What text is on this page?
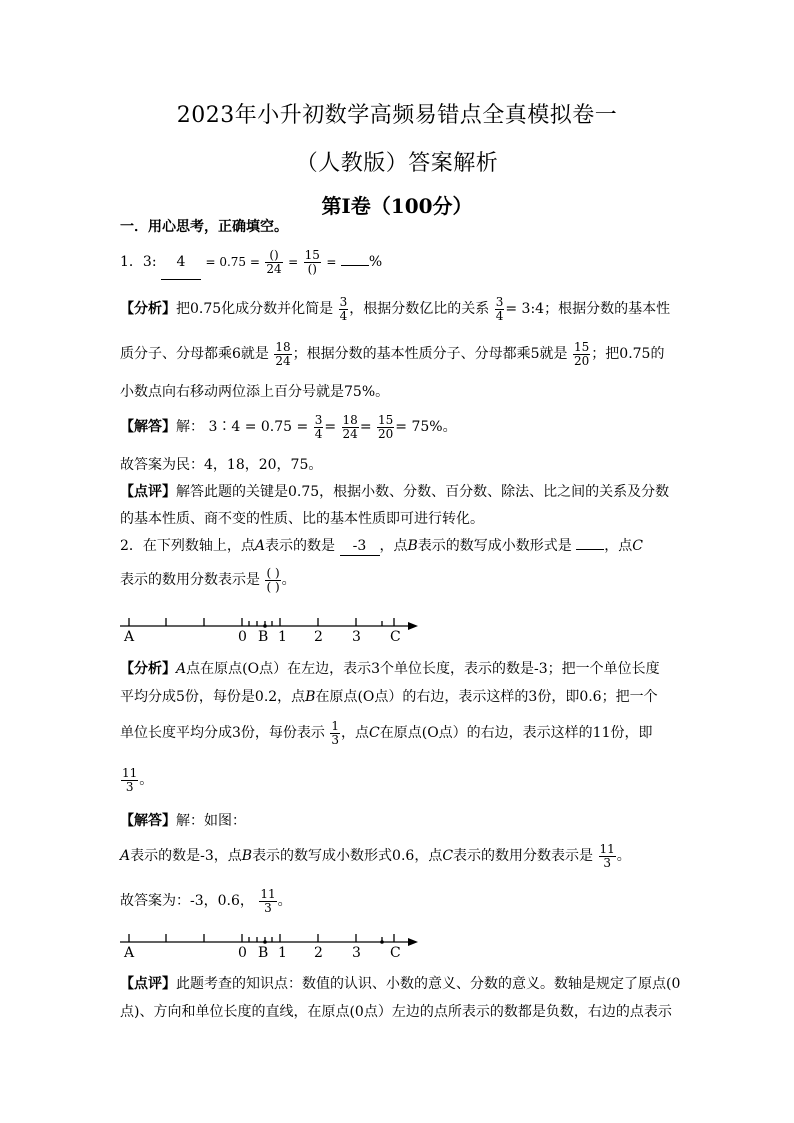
2023年小升初数学高频易错点全真模拟卷一
（人教版）答案解析
第Ⅰ卷（100分）
一．用心思考，正确填空。
1．3: $4 = 0.75 = \frac{()}{24} = \frac{15}{()}$ = %
【分析】把0.75化成分数并化简是 $\frac{3}{4}$ ，根据分数亿比的关系 $\frac{3}{4}$ = 3:4；根据分数的基本性
质分子、分母都乘6就是 $\frac{18}{24}$ ；根据分数的基本性质分子、分母都乘5就是 $\frac{15}{20}$ ；把0.75的
小数点向右移动两位添上百分号就是75%。
【解答】解： 3∶4 = $0.75 = \frac{3}{4} = \frac{18}{24} = \frac{15}{20} = 75\%$。
故答案为民：4，18，20，75。
【点评】解答此题的关键是0.75，根据小数、分数、百分数、除法、比之间的关系及分数
的基本性质、商不变的性质、比的基本性质即可进行转化。
2．在下列数轴上，点A表示的数是 -3 ，点B表示的数写成小数形式是 ，点C
表示的数用分数表示是 $\frac{( )}{( )}$ 。
A	0 B 1 2 3 C
【分析】A点在原点(O点）在左边，表示3个单位长度，表示的数是-3；把一个单位长度
平均分成5份，每份是0.2，点B在原点(O点）的右边，表示这样的3份，即0.6；把一个
单位长度平均分成3份，每份表示 $\frac{1}{3}$ ，点C在原点(O点）的右边，表示这样的11份，即
$\frac{11}{3}$ 。
【解答】解：如图：
A表示的数是-3，点B表示的数写成小数形式0.6，点C表示的数用分数表示是 $\frac{11}{3}$ 。
故答案为：-3，0.6， $\frac{11}{3}$ 。
A	0 B 1 2 3 C
【点评】此题考查的知识点：数值的认识、小数的意义、分数的意义。数轴是规定了原点(0
点)、方向和单位长度的直线，在原点(0点）左边的点所表示的数都是负数，右边的点表示
